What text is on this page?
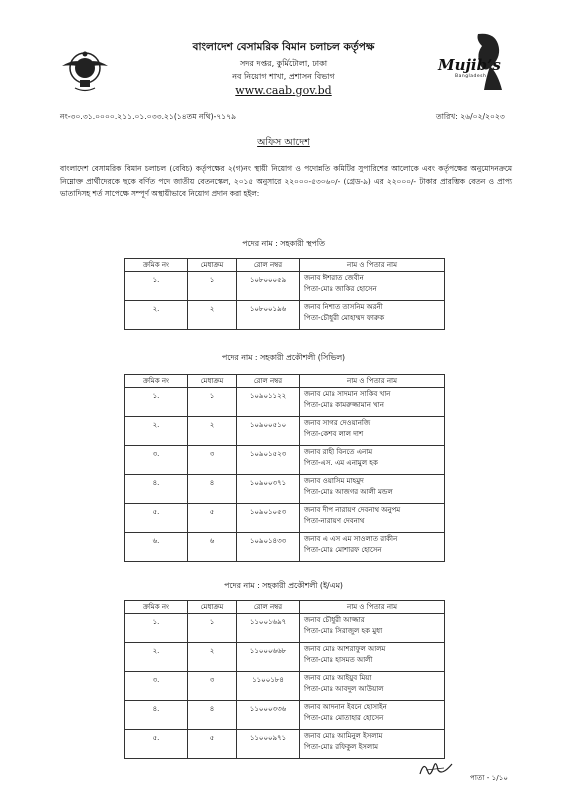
Mujib’s
Bangladesh
বাংলাদেশ বেসামরিক বিমান চলাচল কর্তৃপক্ষ
সদর দপ্তর, কুর্মিটোলা, ঢাকা
নব নিয়োগ শাখা, প্রশাসন বিভাগ
www.caab.gov.bd
নং-৩০.৩১.০০০০.২১১.০১.০৩৩.২১(১৪তম নথি)-৭১৭৯	তারিখ: ২৬/০২/২০২৩
অফিস আদেশ
বাংলাদেশ বেসামরিক বিমান চলাচল (বেবিচ) কর্তৃপক্ষের ২(গ)নং স্থায়ী নিয়োগ ও পদোন্নতি কমিটির সুপারিশের আলোকে এবং কর্তৃপক্ষের অনুমোদনক্রমে নিম্নোক্ত প্রার্থীদেরকে ছকে বর্ণিত পদে জাতীয় বেতনস্কেল, ২০১৫ অনুসারে ২২০০০-৫৩০৬০/- (গ্রেড-৯) এর ২২০০০/- টাকার প্রারম্ভিক বেতন ও প্রাপ্য ভাতাদিসহ শর্ত সাপেক্ষে সম্পূর্ণ অস্থায়ীভাবে নিয়োগ প্রদান করা হইল:
পদের নাম : সহকারী স্থপতি
ক্রমিক নং	মেধাক্রম	রোল নম্বর	নাম ও পিতার নাম
১.	১	১০৮০০০৫৯	জনাব ঈশরাত জেবীন
পিতা-মোঃ জাকির হোসেন

২.	২	১০৮০০১৯৬	জনাব নিশাত তাসনিম অরনী
পিতা-চৌধুরী মোহাম্মদ ফারুক
পদের নাম : সহকারী প্রকৌশলী (সিভিল)
ক্রমিক নং	মেধাক্রম	রোল নম্বর	নাম ও পিতার নাম
১.	১	১০৯০১১২২	জনাব মোঃ সাদমান সাকিব খান
পিতা-মোঃ কামরুজ্জামান খান

২.	২	১০৯০০৫১০	জনাব সাগর দেওয়ানজি
পিতা-কেশব লাল দাশ

৩.	৩	১০৯০১৫২৩	জনাব রাহী বিনতে এনাম
পিতা-এস. এম এনামুল হক

৪.	৪	১০৯০০৩৭১	জনাব ওয়াসিম মাহমুদ
পিতা-মোঃ আজগর আলী মন্ডল

৫.	৫	১০৯০১০৫৩	জনাব দীপ নারায়ণ দেবনাথ অনুপম
পিতা-নারায়ণ দেবনাথ

৬.	৬	১০৯০১৪৩৩	জনাব এ এস এম সাওলাত রাকীন
পিতা-মোঃ মোশারফ হোসেন
পদের নাম : সহকারী প্রকৌশলী (ই/এম)
ক্রমিক নং	মেধাক্রম	রোল নম্বর	নাম ও পিতার নাম
১.	১	১১০০১৬৯৭	জনাব চৌধুরী আজ্জার
পিতা-মোঃ সিরাজুল হক মুধা

২.	২	১১০০০৬৬৮	জনাব মোঃ আশরাফুল আলম
পিতা-মোঃ হাসমত আলী

৩.	৩	১১০০১৮৪	জনাব মোঃ আইয়ুব মিয়া
পিতা-মোঃ আবদুল আউয়াল

৪.	৪	১১০০০৩৩৬	জনাব আদনান ইবনে হোসাইন
পিতা-মোঃ মোতাহার হোসেন

৫.	৫	১১০০০৯৭১	জনাব মোঃ আমিনুল ইসলাম
পিতা-মোঃ রফিকুল ইসলাম
পাতা - ১/১০
